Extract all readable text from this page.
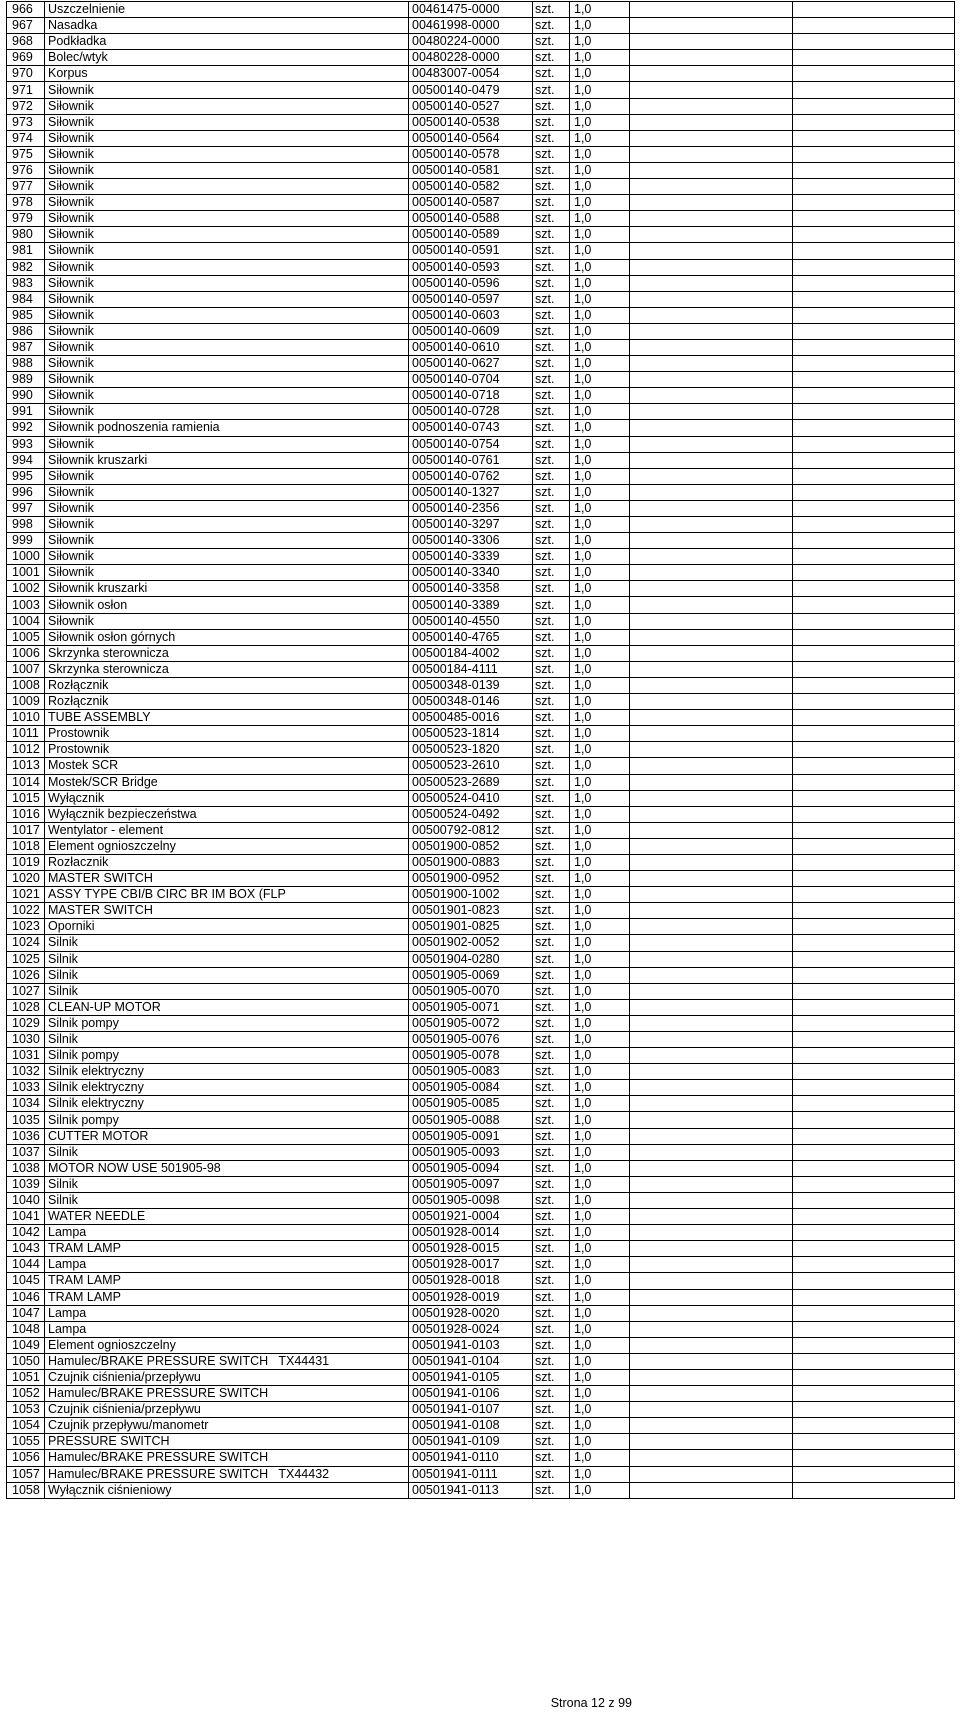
966	Uszczelnienie	00461475-0000	szt.	1,0		
967	Nasadka	00461998-0000	szt.	1,0		
968	Podkładka	00480224-0000	szt.	1,0		
969	Bolec/wtyk	00480228-0000	szt.	1,0		
970	Korpus	00483007-0054	szt.	1,0		
971	Siłownik	00500140-0479	szt.	1,0		
972	Siłownik	00500140-0527	szt.	1,0		
973	Siłownik	00500140-0538	szt.	1,0		
974	Siłownik	00500140-0564	szt.	1,0		
975	Siłownik	00500140-0578	szt.	1,0		
976	Siłownik	00500140-0581	szt.	1,0		
977	Siłownik	00500140-0582	szt.	1,0		
978	Siłownik	00500140-0587	szt.	1,0		
979	Siłownik	00500140-0588	szt.	1,0		
980	Siłownik	00500140-0589	szt.	1,0		
981	Siłownik	00500140-0591	szt.	1,0		
982	Siłownik	00500140-0593	szt.	1,0		
983	Siłownik	00500140-0596	szt.	1,0		
984	Siłownik	00500140-0597	szt.	1,0		
985	Siłownik	00500140-0603	szt.	1,0		
986	Siłownik	00500140-0609	szt.	1,0		
987	Siłownik	00500140-0610	szt.	1,0		
988	Siłownik	00500140-0627	szt.	1,0		
989	Siłownik	00500140-0704	szt.	1,0		
990	Siłownik	00500140-0718	szt.	1,0		
991	Siłownik	00500140-0728	szt.	1,0		
992	Siłownik podnoszenia ramienia	00500140-0743	szt.	1,0		
993	Siłownik	00500140-0754	szt.	1,0		
994	Siłownik kruszarki	00500140-0761	szt.	1,0		
995	Siłownik	00500140-0762	szt.	1,0		
996	Siłownik	00500140-1327	szt.	1,0		
997	Siłownik	00500140-2356	szt.	1,0		
998	Siłownik	00500140-3297	szt.	1,0		
999	Siłownik	00500140-3306	szt.	1,0		
1000	Siłownik	00500140-3339	szt.	1,0		
1001	Siłownik	00500140-3340	szt.	1,0		
1002	Siłownik kruszarki	00500140-3358	szt.	1,0		
1003	Siłownik osłon	00500140-3389	szt.	1,0		
1004	Siłownik	00500140-4550	szt.	1,0		
1005	Siłownik osłon górnych	00500140-4765	szt.	1,0		
1006	Skrzynka sterownicza	00500184-4002	szt.	1,0		
1007	Skrzynka sterownicza	00500184-4111	szt.	1,0		
1008	Rozłącznik	00500348-0139	szt.	1,0		
1009	Rozłącznik	00500348-0146	szt.	1,0		
1010	TUBE ASSEMBLY	00500485-0016	szt.	1,0		
1011	Prostownik	00500523-1814	szt.	1,0		
1012	Prostownik	00500523-1820	szt.	1,0		
1013	Mostek SCR	00500523-2610	szt.	1,0		
1014	Mostek/SCR Bridge	00500523-2689	szt.	1,0		
1015	Wyłącznik	00500524-0410	szt.	1,0		
1016	Wyłącznik bezpieczeństwa	00500524-0492	szt.	1,0		
1017	Wentylator - element	00500792-0812	szt.	1,0		
1018	Element ognioszczelny	00501900-0852	szt.	1,0		
1019	Rozłacznik	00501900-0883	szt.	1,0		
1020	MASTER SWITCH	00501900-0952	szt.	1,0		
1021	ASSY TYPE CBI/B CIRC BR IM BOX (FLP	00501900-1002	szt.	1,0		
1022	MASTER SWITCH	00501901-0823	szt.	1,0		
1023	Oporniki	00501901-0825	szt.	1,0		
1024	Silnik	00501902-0052	szt.	1,0		
1025	Silnik	00501904-0280	szt.	1,0		
1026	Silnik	00501905-0069	szt.	1,0		
1027	Silnik	00501905-0070	szt.	1,0		
1028	CLEAN-UP MOTOR	00501905-0071	szt.	1,0		
1029	Silnik pompy	00501905-0072	szt.	1,0		
1030	Silnik	00501905-0076	szt.	1,0		
1031	Silnik pompy	00501905-0078	szt.	1,0		
1032	Silnik elektryczny	00501905-0083	szt.	1,0		
1033	Silnik elektryczny	00501905-0084	szt.	1,0		
1034	Silnik elektryczny	00501905-0085	szt.	1,0		
1035	Silnik pompy	00501905-0088	szt.	1,0		
1036	CUTTER MOTOR	00501905-0091	szt.	1,0		
1037	Silnik	00501905-0093	szt.	1,0		
1038	MOTOR NOW USE 501905-98	00501905-0094	szt.	1,0		
1039	Silnik	00501905-0097	szt.	1,0		
1040	Silnik	00501905-0098	szt.	1,0		
1041	WATER NEEDLE	00501921-0004	szt.	1,0		
1042	Lampa	00501928-0014	szt.	1,0		
1043	TRAM LAMP	00501928-0015	szt.	1,0		
1044	Lampa	00501928-0017	szt.	1,0		
1045	TRAM LAMP	00501928-0018	szt.	1,0		
1046	TRAM LAMP	00501928-0019	szt.	1,0		
1047	Lampa	00501928-0020	szt.	1,0		
1048	Lampa	00501928-0024	szt.	1,0		
1049	Element ognioszczelny	00501941-0103	szt.	1,0		
1050	Hamulec/BRAKE PRESSURE SWITCH   TX44431	00501941-0104	szt.	1,0		
1051	Czujnik ciśnienia/przepływu	00501941-0105	szt.	1,0		
1052	Hamulec/BRAKE PRESSURE SWITCH	00501941-0106	szt.	1,0		
1053	Czujnik ciśnienia/przepływu	00501941-0107	szt.	1,0		
1054	Czujnik przepływu/manometr	00501941-0108	szt.	1,0		
1055	PRESSURE SWITCH	00501941-0109	szt.	1,0		
1056	Hamulec/BRAKE PRESSURE SWITCH	00501941-0110	szt.	1,0		
1057	Hamulec/BRAKE PRESSURE SWITCH   TX44432	00501941-0111	szt.	1,0		
1058	Wyłącznik ciśnieniowy	00501941-0113	szt.	1,0		
Strona 12 z 99
